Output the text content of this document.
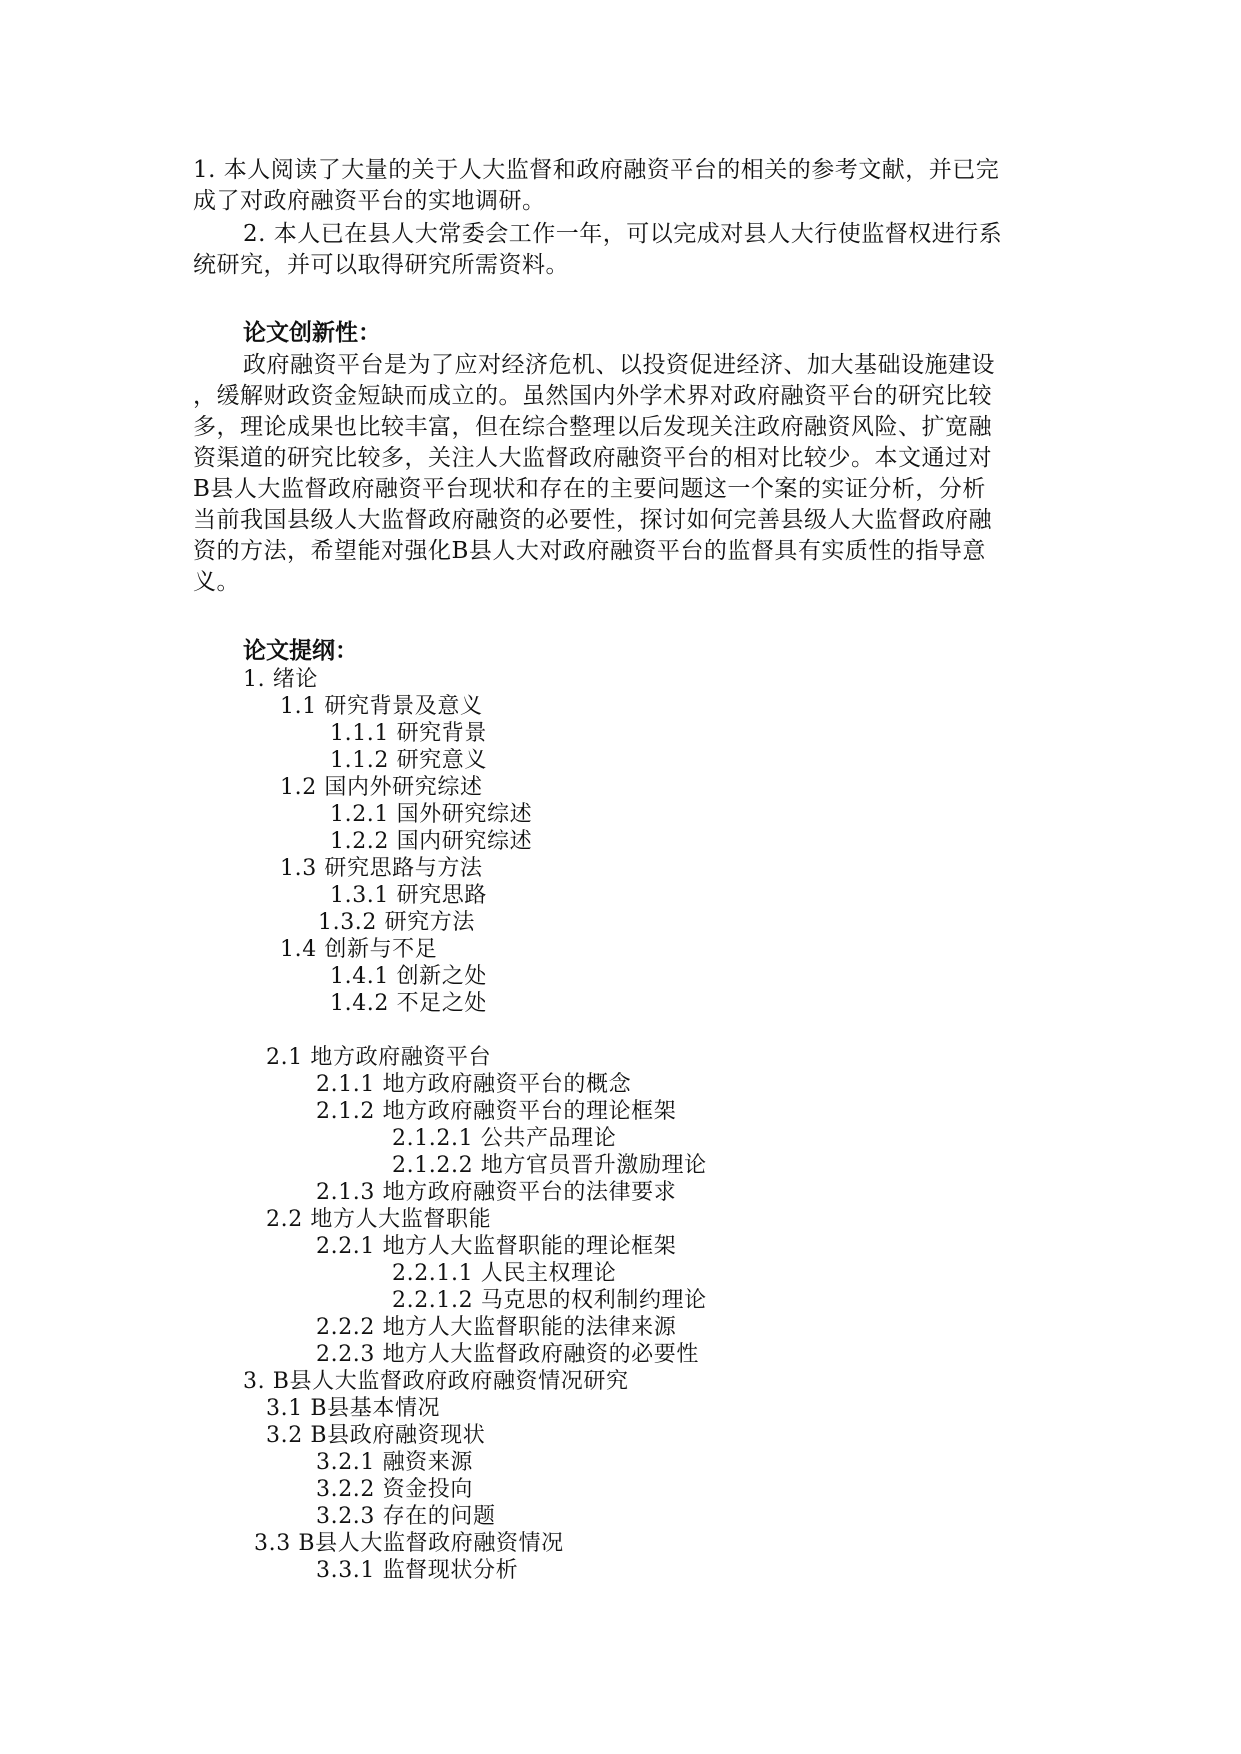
1. 本人阅读了大量的关于人大监督和政府融资平台的相关的参考文献，并已完
成了对政府融资平台的实地调研。
2. 本人已在县人大常委会工作一年，可以完成对县人大行使监督权进行系
统研究，并可以取得研究所需资料。
论文创新性：
政府融资平台是为了应对经济危机、以投资促进经济、加大基础设施建设
，缓解财政资金短缺而成立的。虽然国内外学术界对政府融资平台的研究比较
多，理论成果也比较丰富，但在综合整理以后发现关注政府融资风险、扩宽融
资渠道的研究比较多，关注人大监督政府融资平台的相对比较少。本文通过对
B县人大监督政府融资平台现状和存在的主要问题这一个案的实证分析，分析
当前我国县级人大监督政府融资的必要性，探讨如何完善县级人大监督政府融
资的方法，希望能对强化B县人大对政府融资平台的监督具有实质性的指导意
义。
论文提纲：
1. 绪论
1.1 研究背景及意义
1.1.1 研究背景
1.1.2 研究意义
1.2 国内外研究综述
1.2.1 国外研究综述
1.2.2 国内研究综述
1.3 研究思路与方法
1.3.1 研究思路
1.3.2 研究方法
1.4 创新与不足
1.4.1 创新之处
1.4.2 不足之处
2.1 地方政府融资平台
2.1.1 地方政府融资平台的概念
2.1.2 地方政府融资平台的理论框架
2.1.2.1 公共产品理论
2.1.2.2 地方官员晋升激励理论
2.1.3 地方政府融资平台的法律要求
2.2 地方人大监督职能
2.2.1 地方人大监督职能的理论框架
2.2.1.1 人民主权理论
2.2.1.2 马克思的权利制约理论
2.2.2 地方人大监督职能的法律来源
2.2.3 地方人大监督政府融资的必要性
3. B县人大监督政府政府融资情况研究
3.1 B县基本情况
3.2 B县政府融资现状
3.2.1 融资来源
3.2.2 资金投向
3.2.3 存在的问题
3.3 B县人大监督政府融资情况
3.3.1 监督现状分析
